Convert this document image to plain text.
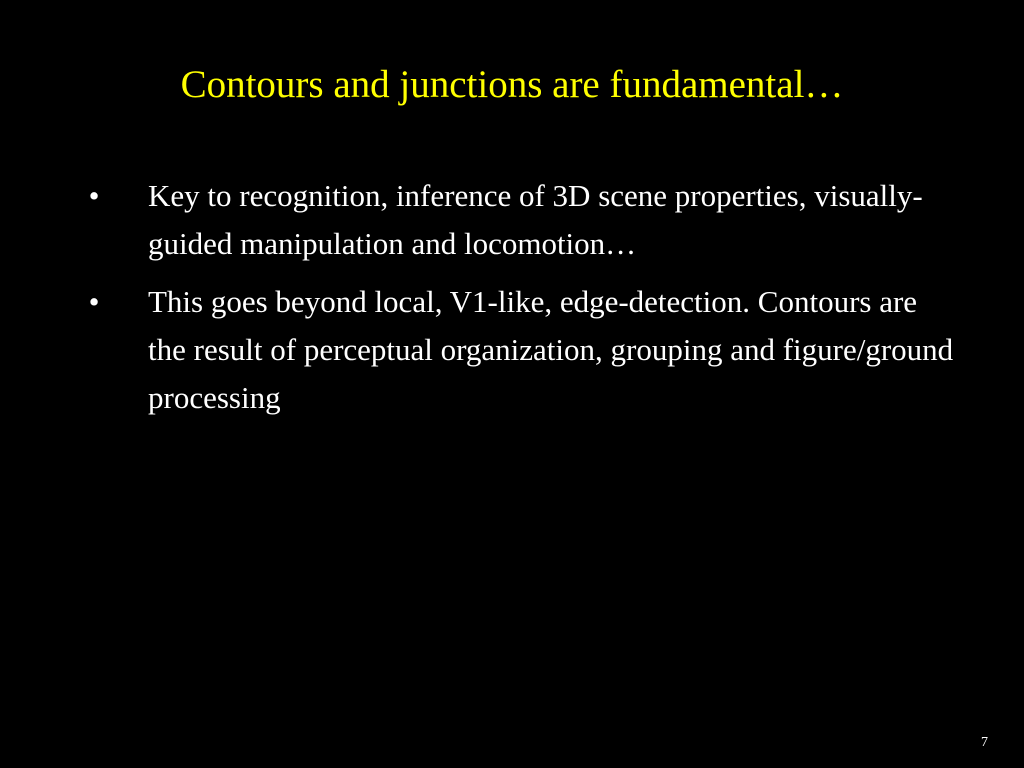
Contours and junctions are fundamental…
• Key to recognition, inference of 3D scene properties, visually- guided manipulation and locomotion…
• This goes beyond local, V1-like, edge-detection. Contours are the result of perceptual organization, grouping and figure/ground processing
7
